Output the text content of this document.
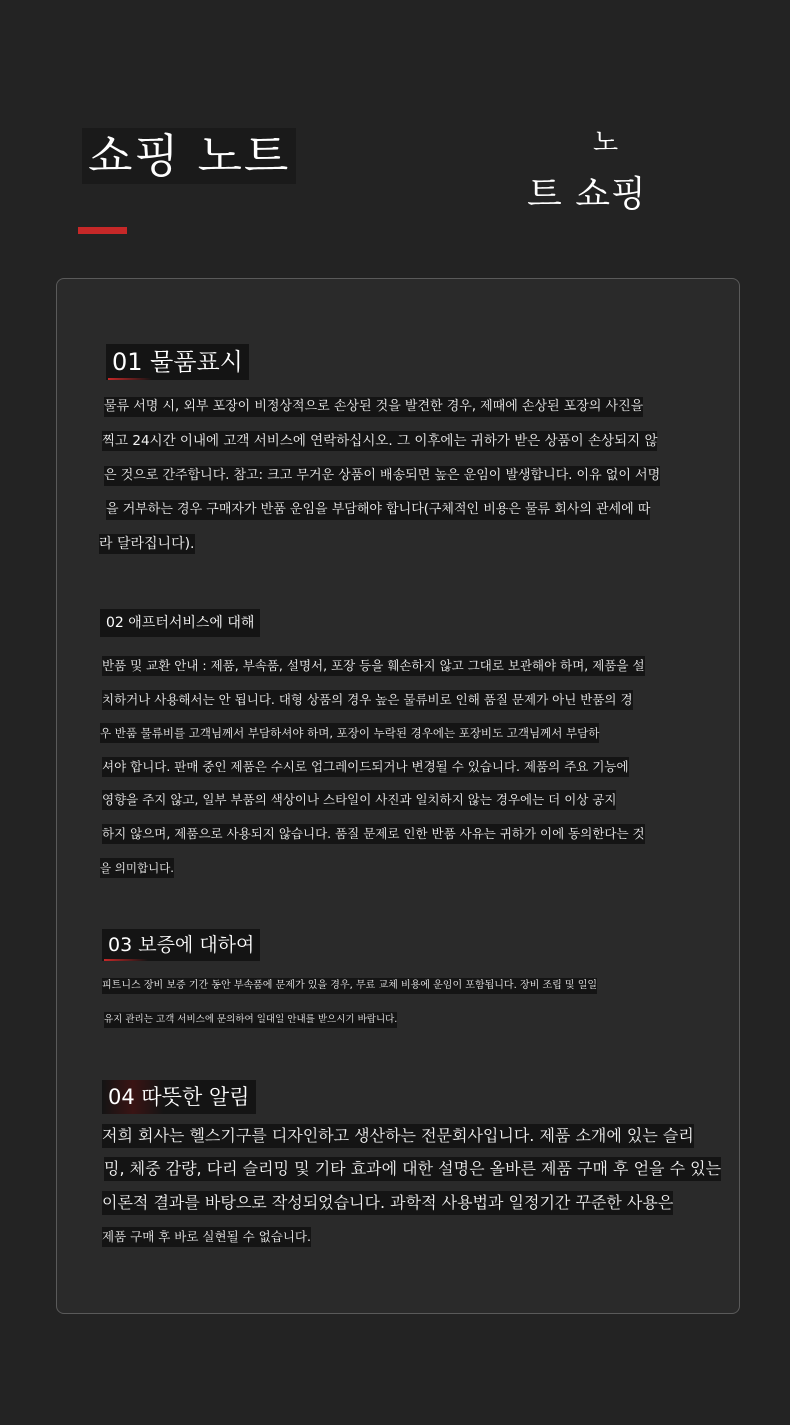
쇼핑 노트	노
트 쇼핑
01 물품표시
물류 서명 시, 외부 포장이 비정상적으로 손상된 것을 발견한 경우, 제때에 손상된 포장의 사진을
찍고 24시간 이내에 고객 서비스에 연락하십시오. 그 이후에는 귀하가 받은 상품이 손상되지 않
은 것으로 간주합니다. 참고: 크고 무거운 상품이 배송되면 높은 운임이 발생합니다. 이유 없이 서명
을 거부하는 경우 구매자가 반품 운임을 부담해야 합니다(구체적인 비용은 물류 회사의 관세에 따
라 달라집니다).
02 애프터서비스에 대해
반품 및 교환 안내 : 제품, 부속품, 설명서, 포장 등을 훼손하지 않고 그대로 보관해야 하며, 제품을 설
치하거나 사용해서는 안 됩니다. 대형 상품의 경우 높은 물류비로 인해 품질 문제가 아닌 반품의 경
우 반품 물류비를 고객님께서 부담하셔야 하며, 포장이 누락된 경우에는 포장비도 고객님께서 부담하
셔야 합니다. 판매 중인 제품은 수시로 업그레이드되거나 변경될 수 있습니다. 제품의 주요 기능에
영향을 주지 않고, 일부 부품의 색상이나 스타일이 사진과 일치하지 않는 경우에는 더 이상 공지
하지 않으며, 제품으로 사용되지 않습니다. 품질 문제로 인한 반품 사유는 귀하가 이에 동의한다는 것
을 의미합니다.
03 보증에 대하여
피트니스 장비 보증 기간 동안 부속품에 문제가 있을 경우, 무료 교체 비용에 운임이 포함됩니다. 장비 조립 및 일일
유지 관리는 고객 서비스에 문의하여 일대일 안내를 받으시기 바랍니다.
04 따뜻한 알림
저희 회사는 헬스기구를 디자인하고 생산하는 전문회사입니다. 제품 소개에 있는 슬리
밍, 체중 감량, 다리 슬리밍 및 기타 효과에 대한 설명은 올바른 제품 구매 후 얻을 수 있는
이론적 결과를 바탕으로 작성되었습니다. 과학적 사용법과 일정기간 꾸준한 사용은
제품 구매 후 바로 실현될 수 없습니다.
